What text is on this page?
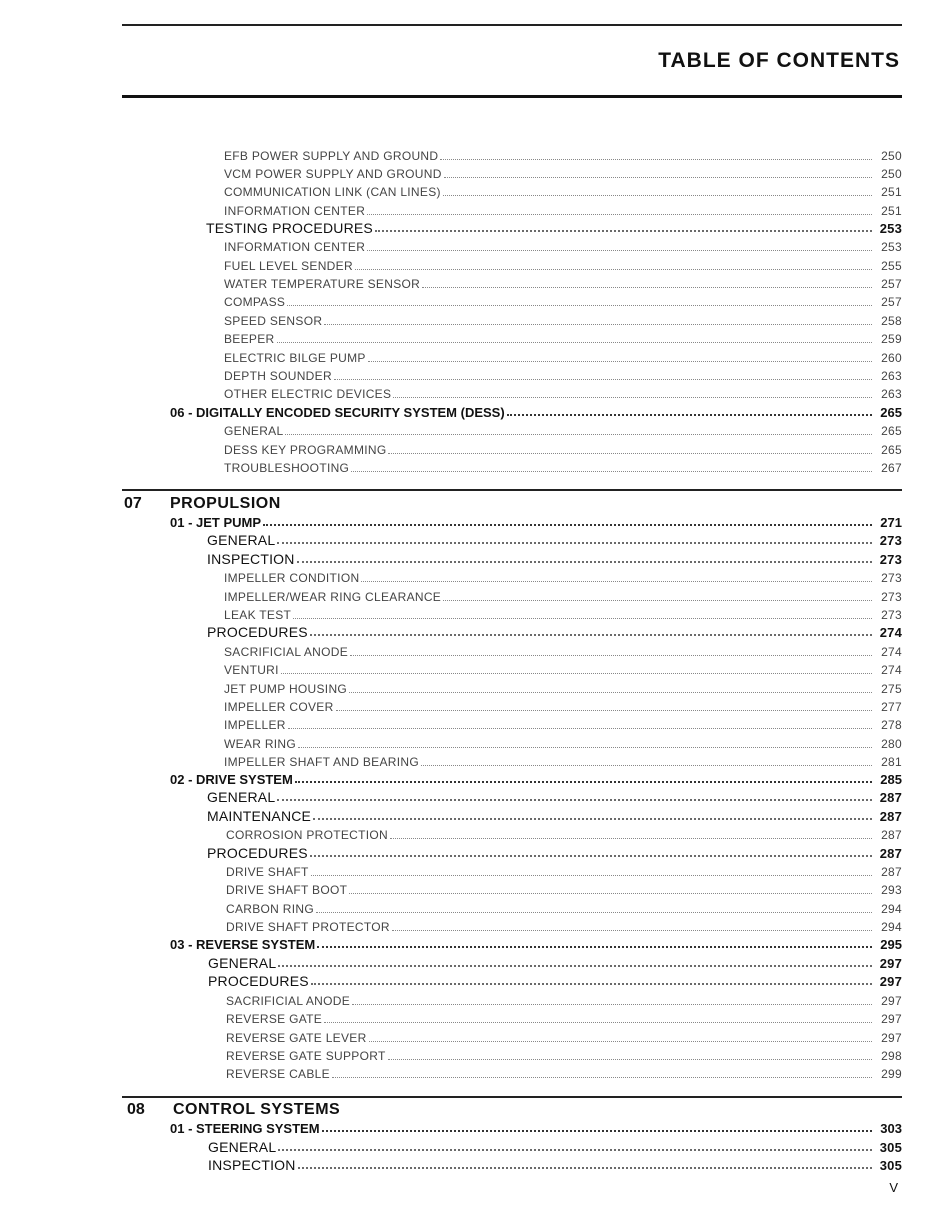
TABLE OF CONTENTS
EFB POWER SUPPLY AND GROUND	250
VCM POWER SUPPLY AND GROUND	250
COMMUNICATION LINK (CAN LINES)	251
INFORMATION CENTER	251
TESTING PROCEDURES	253
INFORMATION CENTER	253
FUEL LEVEL SENDER	255
WATER TEMPERATURE SENSOR	257
COMPASS	257
SPEED SENSOR	258
BEEPER	259
ELECTRIC BILGE PUMP	260
DEPTH SOUNDER	263
OTHER ELECTRIC DEVICES	263
06 - DIGITALLY ENCODED SECURITY SYSTEM (DESS)	265
GENERAL	265
DESS KEY PROGRAMMING	265
TROUBLESHOOTING	267
07	PROPULSION
01 - JET PUMP	271
GENERAL	273
INSPECTION	273
IMPELLER CONDITION	273
IMPELLER/WEAR RING CLEARANCE	273
LEAK TEST	273
PROCEDURES	274
SACRIFICIAL ANODE	274
VENTURI	274
JET PUMP HOUSING	275
IMPELLER COVER	277
IMPELLER	278
WEAR RING	280
IMPELLER SHAFT AND BEARING	281
02 - DRIVE SYSTEM	285
GENERAL	287
MAINTENANCE	287
CORROSION PROTECTION	287
PROCEDURES	287
DRIVE SHAFT	287
DRIVE SHAFT BOOT	293
CARBON RING	294
DRIVE SHAFT PROTECTOR	294
03 - REVERSE SYSTEM	295
GENERAL	297
PROCEDURES	297
SACRIFICIAL ANODE	297
REVERSE GATE	297
REVERSE GATE LEVER	297
REVERSE GATE SUPPORT	298
REVERSE CABLE	299
08	CONTROL SYSTEMS
01 - STEERING SYSTEM	303
GENERAL	305
INSPECTION	305
V
